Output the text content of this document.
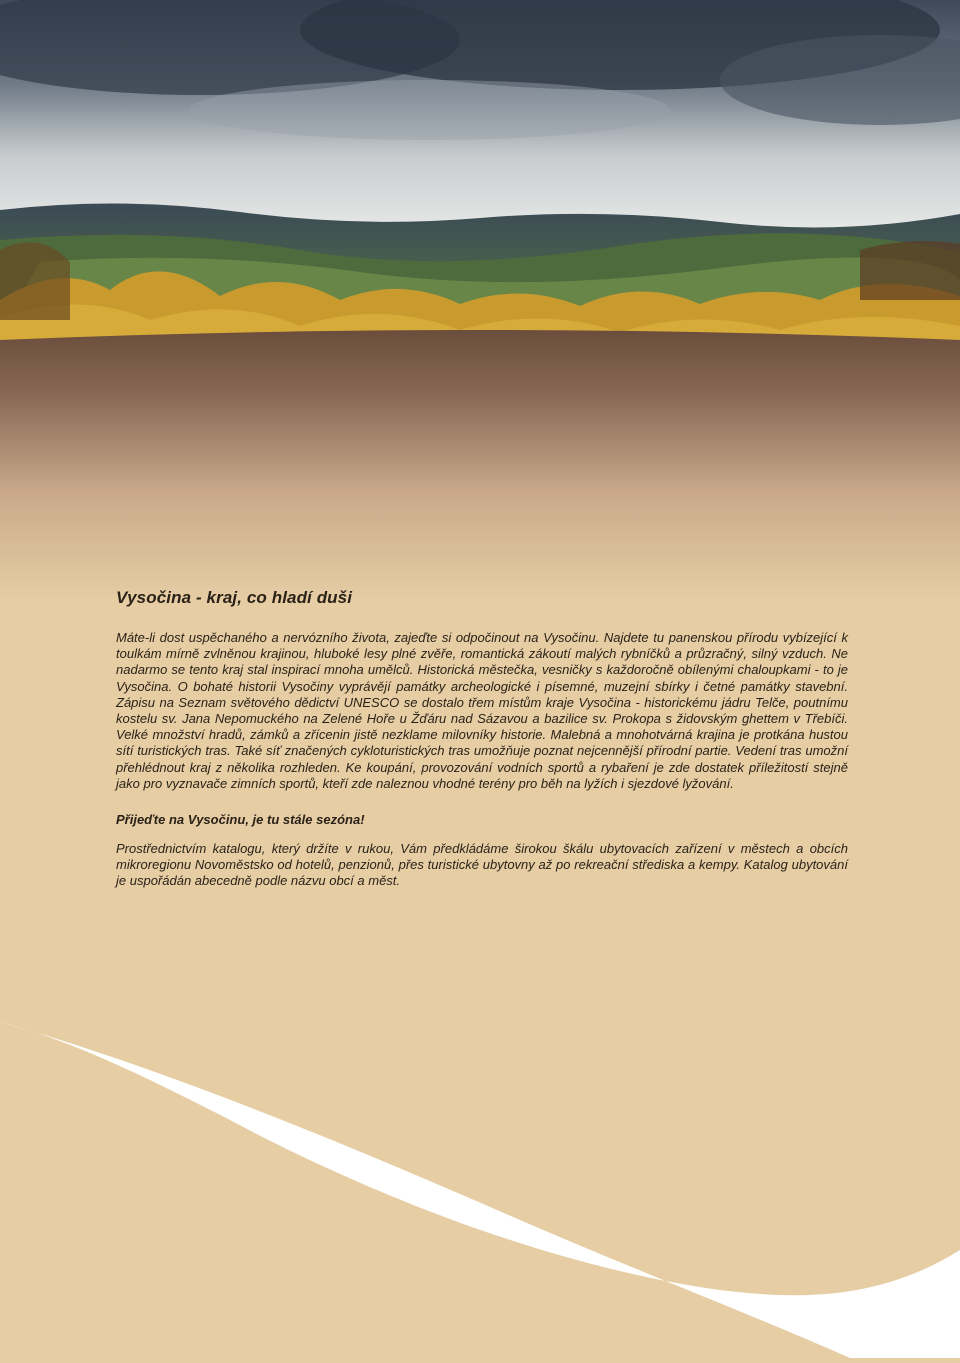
Vysočina - kraj, co hladí duši

Máte-li dost uspěchaného a nervózního života, zajeďte si odpočinout na Vysočinu. Najdete tu panenskou přírodu vybízející k toulkám mírně zvlněnou krajinou, hluboké lesy plné zvěře, romantická zákoutí malých rybníčků a průzračný, silný vzduch. Ne nadarmo se tento kraj stal inspirací mnoha umělců. Historická městečka, vesničky s každoročně obílenými chaloupkami - to je Vysočina. O bohaté historii Vysočiny vyprávějí památky archeologické i písemné, muzejní sbírky i četné památky stavební. Zápisu na Seznam světového dědictví UNESCO se dostalo třem místům kraje Vysočina - historickému jádru Telče, poutnímu kostelu sv. Jana Nepomuckého na Zelené Hoře u Žďáru nad Sázavou a bazilice sv. Prokopa s židovským ghettem v Třebíči. Velké množství hradů, zámků a zřícenin jistě nezklame milovníky historie. Malebná a mnohotvárná krajina je protkána hustou sítí turistických tras. Také síť značených cykloturistických tras umožňuje poznat nejcennější přírodní partie. Vedení tras umožní přehlédnout kraj z několika rozhleden. Ke koupání, provozování vodních sportů a rybaření je zde dostatek příležitostí stejně jako pro vyznavače zimních sportů, kteří zde naleznou vhodné terény pro běh na lyžích i sjezdové lyžování.

Přijeďte na Vysočinu, je tu stále sezóna!

Prostřednictvím katalogu, který držíte v rukou, Vám předkládáme širokou škálu ubytovacích zařízení v městech a obcích mikroregionu Novoměstsko od hotelů, penzionů, přes turistické ubytovny až po rekreační střediska a kempy. Katalog ubytování je uspořádán abecedně podle názvu obcí a měst.
